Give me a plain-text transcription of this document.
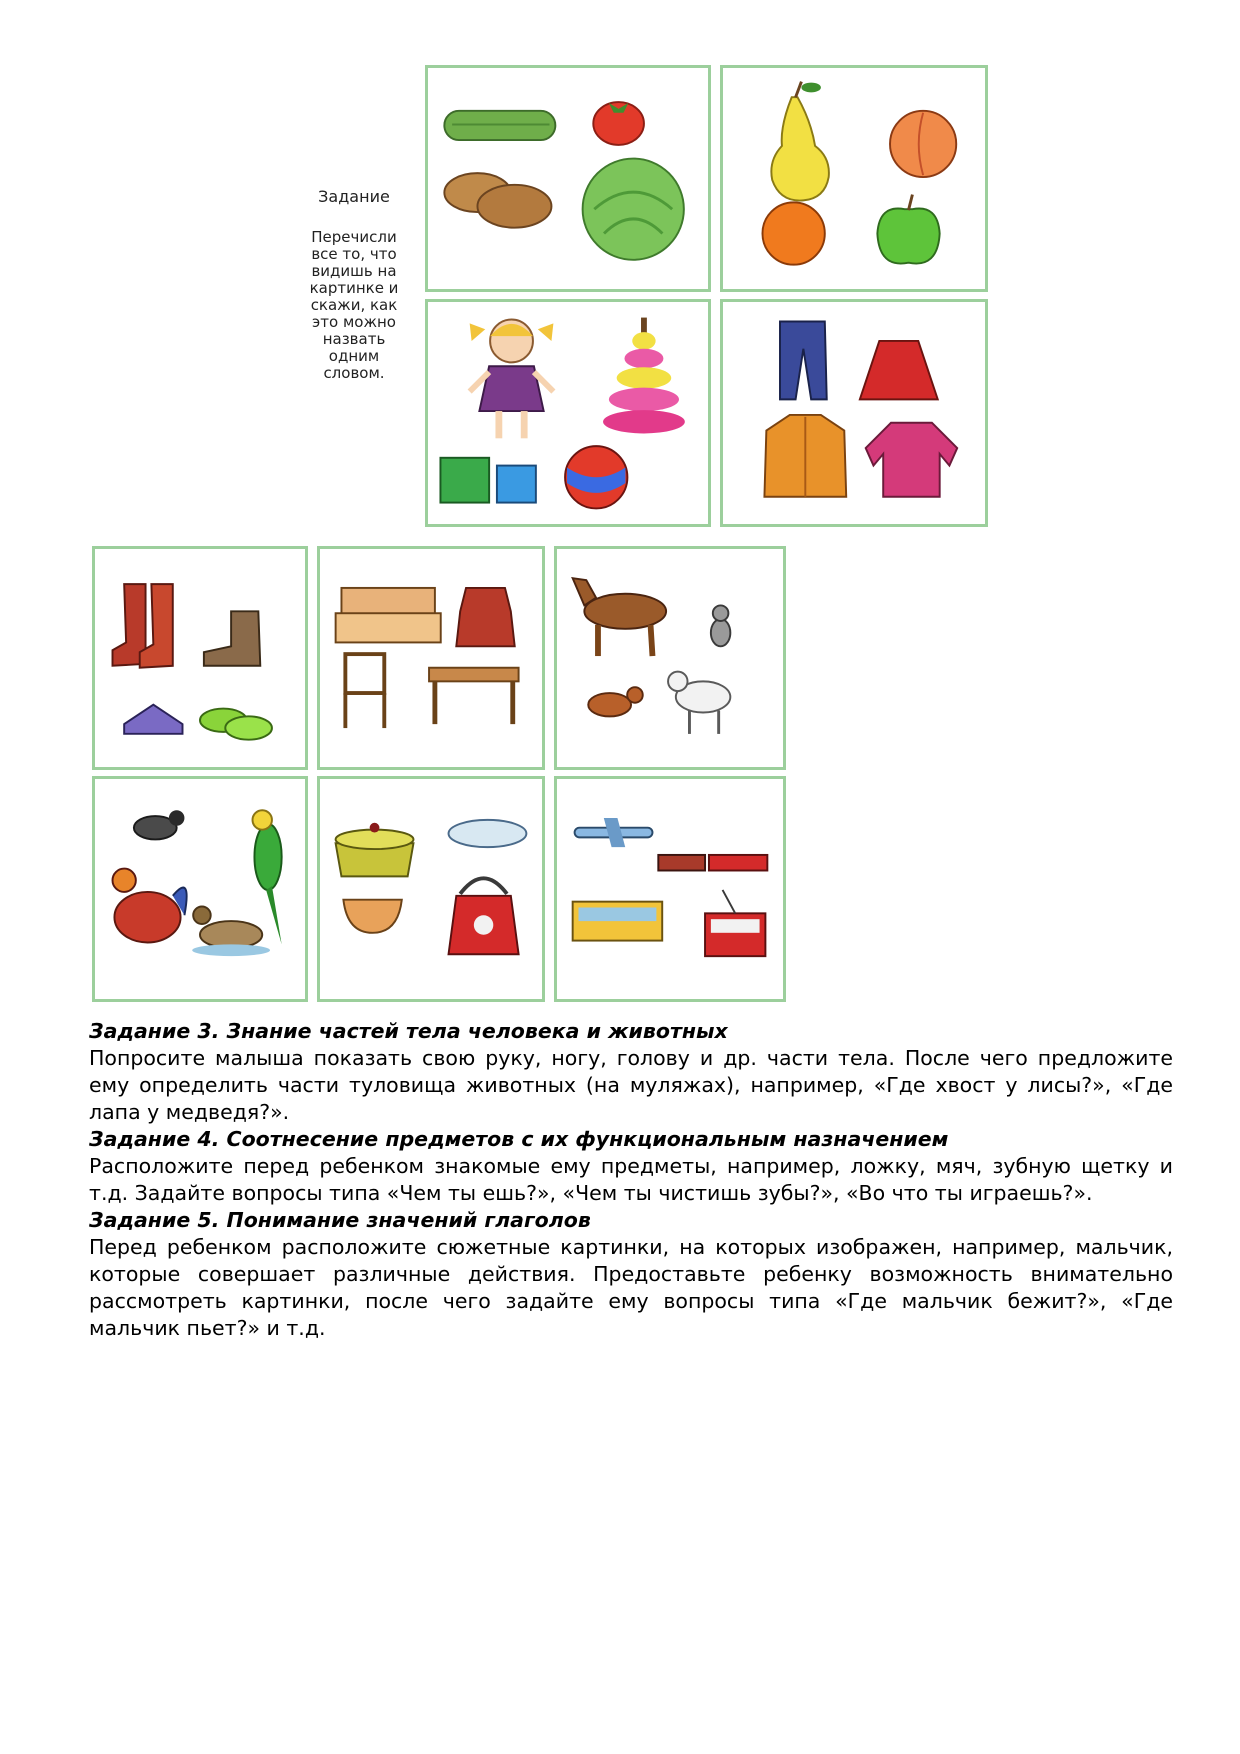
Задание
Перечисли
все то, что
видишь на
картинке и
скажи, как
это можно
назвать
одним
словом.
Задание 3. Знание частей тела человека и животных
Попросите малыша показать свою руку, ногу, голову и др. части тела. После чего предложите ему определить части туловища животных (на муляжах), например, «Где хвост у лисы?», «Где лапа у медведя?».
Задание 4. Соотнесение предметов с их функциональным назначением
Расположите перед ребенком знакомые ему предметы, например, ложку, мяч, зубную щетку и т.д. Задайте вопросы типа «Чем ты ешь?», «Чем ты чистишь зубы?», «Во что ты играешь?».
Задание 5. Понимание значений глаголов
Перед ребенком расположите сюжетные картинки, на которых изображен, например, мальчик, которые совершает различные действия. Предоставьте ребенку возможность внимательно рассмотреть картинки, после чего задайте ему вопросы типа «Где мальчик бежит?», «Где мальчик пьет?» и т.д.
